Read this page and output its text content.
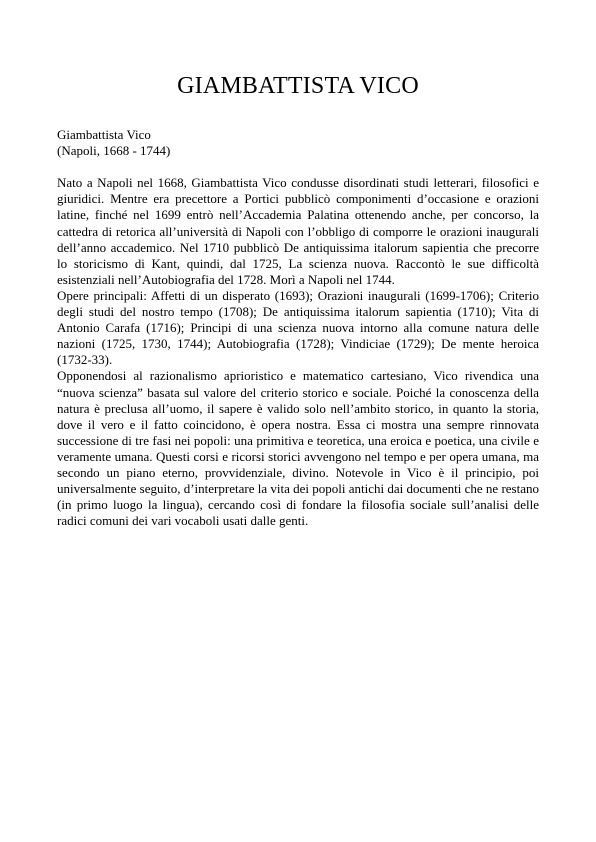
GIAMBATTISTA VICO

Giambattista Vico

(Napoli, 1668 - 1744)

Nato a Napoli nel 1668, Giambattista Vico condusse disordinati studi letterari, filosofici e giuridici. Mentre era precettore a Portici pubblicò componimenti d’occasione e orazioni latine, finché nel 1699 entrò nell’Accademia Palatina ottenendo anche, per concorso, la cattedra di retorica all’università di Napoli con l’obbligo di comporre le orazioni inaugurali dell’anno accademico. Nel 1710 pubblicò De antiquissima italorum sapientia che precorre lo storicismo di Kant, quindi, dal 1725, La scienza nuova. Raccontò le sue difficoltà esistenziali nell’Autobiografia del 1728. Morì a Napoli nel 1744.

Opere principali: Affetti di un disperato (1693); Orazioni inaugurali (1699-1706); Criterio degli studi del nostro tempo (1708); De antiquissima italorum sapientia (1710); Vita di Antonio Carafa (1716); Principi di una scienza nuova intorno alla comune natura delle nazioni (1725, 1730, 1744); Autobiografia (1728); Vindiciae (1729); De mente heroica (1732-33).

Opponendosi al razionalismo aprioristico e matematico cartesiano, Vico rivendica una “nuova scienza” basata sul valore del criterio storico e sociale. Poiché la conoscenza della natura è preclusa all’uomo, il sapere è valido solo nell’ambito storico, in quanto la storia, dove il vero e il fatto coincidono, è opera nostra. Essa ci mostra una sempre rinnovata successione di tre fasi nei popoli: una primitiva e teoretica, una eroica e poetica, una civile e veramente umana. Questi corsi e ricorsi storici avvengono nel tempo e per opera umana, ma secondo un piano eterno, provvidenziale, divino. Notevole in Vico è il principio, poi universalmente seguito, d’interpretare la vita dei popoli antichi dai documenti che ne restano (in primo luogo la lingua), cercando così di fondare la filosofia sociale sull’analisi delle radici comuni dei vari vocaboli usati dalle genti.
